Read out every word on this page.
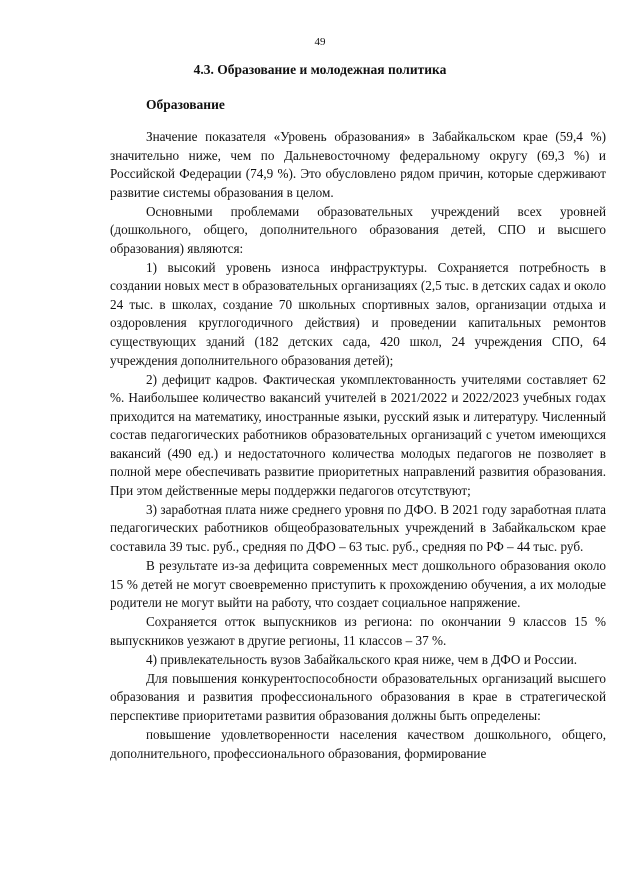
49
4.3. Образование и молодежная политика
Образование

Значение показателя «Уровень образования» в Забайкальском крае (59,4 %) значительно ниже, чем по Дальневосточному федеральному округу (69,3 %) и Российской Федерации (74,9 %). Это обусловлено рядом причин, которые сдерживают развитие системы образования в целом.

Основными проблемами образовательных учреждений всех уровней (дошкольного, общего, дополнительного образования детей, СПО и высшего образования) являются:

1) высокий уровень износа инфраструктуры. Сохраняется потребность в создании новых мест в образовательных организациях (2,5 тыс. в детских садах и около 24 тыс. в школах, создание 70 школьных спортивных залов, организации отдыха и оздоровления круглогодичного действия) и проведении капитальных ремонтов существующих зданий (182 детских сада, 420 школ, 24 учреждения СПО, 64 учреждения дополнительного образования детей);

2) дефицит кадров. Фактическая укомплектованность учителями составляет 62 %. Наибольшее количество вакансий учителей в 2021/2022 и 2022/2023 учебных годах приходится на математику, иностранные языки, русский язык и литературу. Численный состав педагогических работников образовательных организаций с учетом имеющихся вакансий (490 ед.) и недостаточного количества молодых педагогов не позволяет в полной мере обеспечивать развитие приоритетных направлений развития образования. При этом действенные меры поддержки педагогов отсутствуют;

3) заработная плата ниже среднего уровня по ДФО. В 2021 году заработная плата педагогических работников общеобразовательных учреждений в Забайкальском крае составила 39 тыс. руб., средняя по ДФО – 63 тыс. руб., средняя по РФ – 44 тыс. руб.

В результате из-за дефицита современных мест дошкольного образования около 15 % детей не могут своевременно приступить к прохождению обучения, а их молодые родители не могут выйти на работу, что создает социальное напряжение.

Сохраняется отток выпускников из региона: по окончании 9 классов 15 % выпускников уезжают в другие регионы, 11 классов – 37 %.

4) привлекательность вузов Забайкальского края ниже, чем в ДФО и России.

Для повышения конкурентоспособности образовательных организаций высшего образования и развития профессионального образования в крае в стратегической перспективе приоритетами развития образования должны быть определены:

повышение удовлетворенности населения качеством дошкольного, общего, дополнительного, профессионального образования, формирование
